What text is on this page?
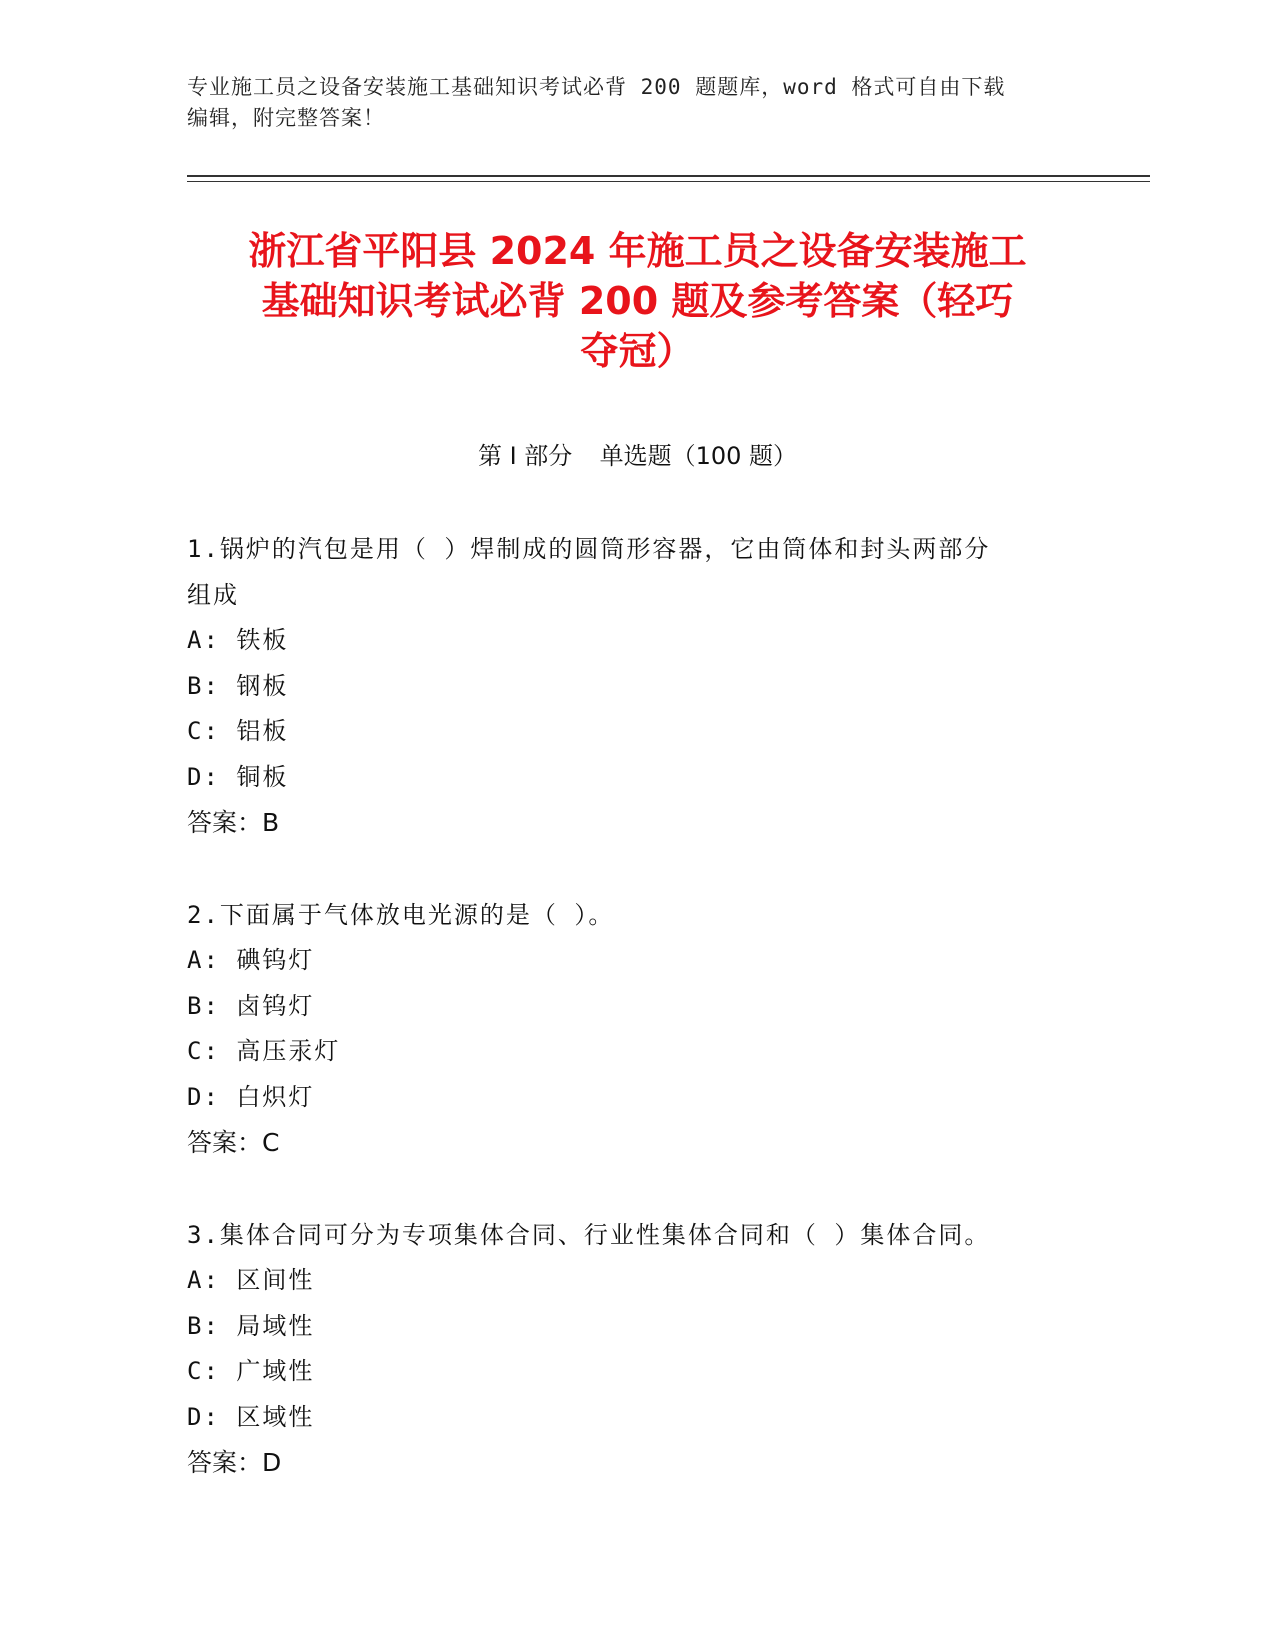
专业施工员之设备安装施工基础知识考试必背 200 题题库，word 格式可自由下载
编辑，附完整答案！
浙江省平阳县 2024 年施工员之设备安装施工
基础知识考试必背 200 题及参考答案（轻巧
夺冠）
第 I 部分 单选题（100 题）
1.锅炉的汽包是用（ ）焊制成的圆筒形容器，它由筒体和封头两部分
组成
A: 铁板
B: 钢板
C: 铝板
D: 铜板
答案：B
2.下面属于气体放电光源的是（ ）。
A: 碘钨灯
B: 卤钨灯
C: 高压汞灯
D: 白炽灯
答案：C
3.集体合同可分为专项集体合同、行业性集体合同和（ ）集体合同。
A: 区间性
B: 局域性
C: 广域性
D: 区域性
答案：D
